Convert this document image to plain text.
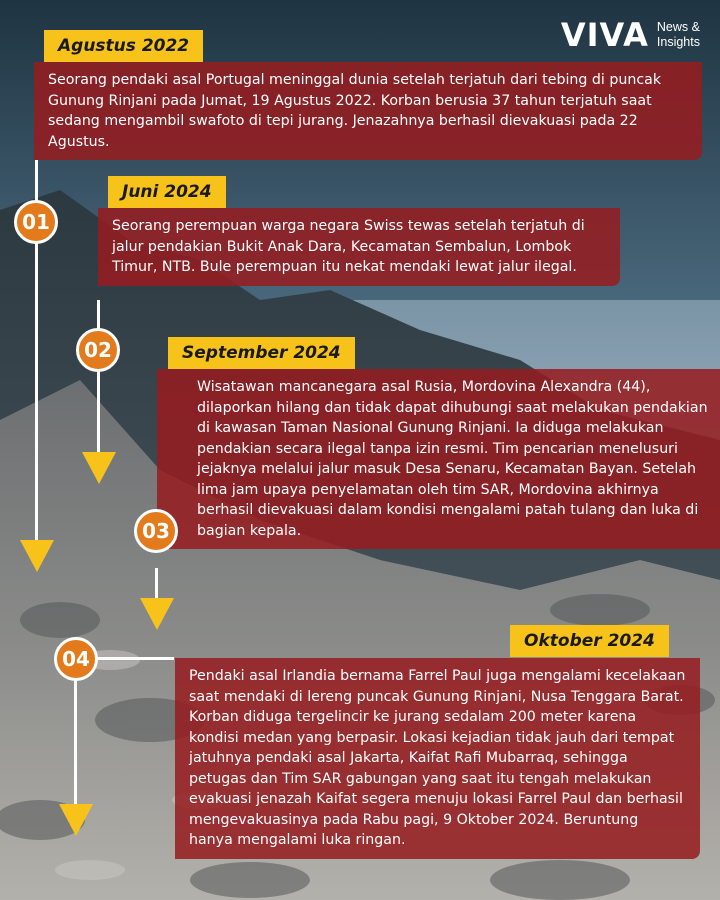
VIVA News &
Insights
Agustus 2022

Seorang pendaki asal Portugal meninggal dunia setelah terjatuh dari tebing di puncak Gunung Rinjani pada Jumat, 19 Agustus 2022. Korban berusia 37 tahun terjatuh saat sedang mengambil swafoto di tepi jurang. Jenazahnya berhasil dievakuasi pada 22 Agustus.

01
Juni 2024

Seorang perempuan warga negara Swiss tewas setelah terjatuh di jalur pendakian Bukit Anak Dara, Kecamatan Sembalun, Lombok Timur, NTB. Bule perempuan itu nekat mendaki lewat jalur ilegal.

02	September 2024

Wisatawan mancanegara asal Rusia, Mordovina Alexandra (44), dilaporkan hilang dan tidak dapat dihubungi saat melakukan pendakian di kawasan Taman Nasional Gunung Rinjani. Ia diduga melakukan pendakian secara ilegal tanpa izin resmi. Tim pencarian menelusuri jejaknya melalui jalur masuk Desa Senaru, Kecamatan Bayan. Setelah lima jam upaya penyelamatan oleh tim SAR, Mordovina akhirnya berhasil dievakuasi dalam kondisi mengalami patah tulang dan luka di bagian kepala.

03
Oktober 2024

Pendaki asal Irlandia bernama Farrel Paul juga mengalami kecelakaan saat mendaki di lereng puncak Gunung Rinjani, Nusa Tenggara Barat. Korban diduga tergelincir ke jurang sedalam 200 meter karena kondisi medan yang berpasir. Lokasi kejadian tidak jauh dari tempat jatuhnya pendaki asal Jakarta, Kaifat Rafi Mubarraq, sehingga petugas dan Tim SAR gabungan yang saat itu tengah melakukan evakuasi jenazah Kaifat segera menuju lokasi Farrel Paul dan berhasil mengevakuasinya pada Rabu pagi, 9 Oktober 2024. Beruntung hanya mengalami luka ringan.

04
